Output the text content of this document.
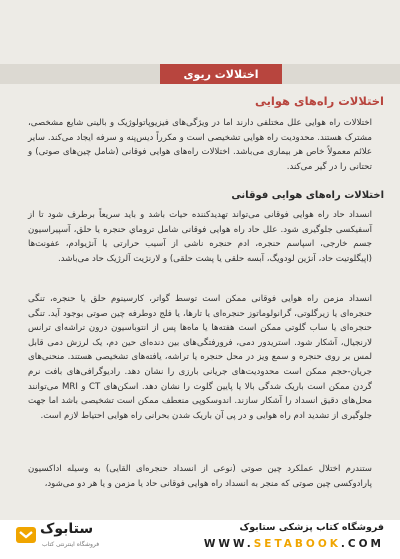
اختلالات ریوی
اختلالات راه‌های هوایی
اختلالات راه هوایی علل مختلفی دارند اما در ویژگی‌های فیزیوپاتولوژیک و بالینی شایع مشخصی، مشترک هستند. محدودیت راه هوایی تشخیصی است و مکرراً دیس‌پنه و سرفه ایجاد می‌کند. سایر علائم معمولاً خاص هر بیماری می‌باشد. اختلالات راه‌های هوایی فوقانی (شامل چین‌های صوتی) و تحتانی را در گیر می‌کند.
اختلالات راه‌های هوایی فوقانی
انسداد حاد راه هوایی فوقانی می‌تواند تهدیدکننده حیات باشد و باید سریعاً برطرف شود تا از آسفیکسی جلوگیری شود. علل حاد راه هوایی فوقانی شامل تروماي حنجره یا حلق، آسپیراسیون جسم خارجی، اسپاسم حنجره، ادم حنجره ناشی از آسیب حرارتی یا آنژیوادم، عفونت‌ها (اپیگلوتیت حاد، آنژین لودویگ، آبسه حلقی یا پشت حلقی) و لارنژیت آلرژیک حاد می‌باشد.
انسداد مزمن راه هوایی فوقانی ممکن است توسط گواتر، کارسینوم حلق یا حنجره، تنگی حنجره‌ای یا زیرگلوتی، گرانولوماتوز حنجره‌ای یا تارها، یا فلج دوطرفه چین صوتی بوجود آید. تنگی حنجره‌ای یا ساب گلوتی ممکن است هفته‌ها یا ماه‌ها پس از انتوباسیون درون تراشه‌ای ترانس لارنجیال، آشکار شود. استریدور دمی، فرورفتگی‌های بین دنده‌ای حین دم، یک لرزش دمی قابل لمس بر روی حنجره و سمع ویز در محل حنجره یا تراشه، یافته‌های تشخیصی هستند. منحنی‌های جریان-حجم ممکن است محدودیت‌های جریانی بارزی را نشان دهد. رادیوگرافی‌های بافت نرم گردن ممکن است باریک شدگی بالا یا پایین گلوت را نشان دهد. اسکن‌های CT و MRI می‌توانند محل‌های دقیق انسداد را آشکار سازند. اندوسکوپی منعطف ممکن است تشخیصی باشد اما جهت جلوگیری از تشدید ادم راه هوایی و در پی آن باریک شدن بحرانی راه هوایی احتیاط لازم است.
ستندرم اختلال عملکرد چین صوتی (نوعی از انسداد حنجره‌ای القایی) به وسیله اداکسیون پارادوکسی چین صوتی که منجر به انسداد راه هوایی فوقانی حاد یا مزمن و یا هر دو می‌شود،
ستابوک
فروشگاه اینترنتی کتاب
فروشگاه کتاب پزشکی ستابوک
WWW.SETABOOK.COM
